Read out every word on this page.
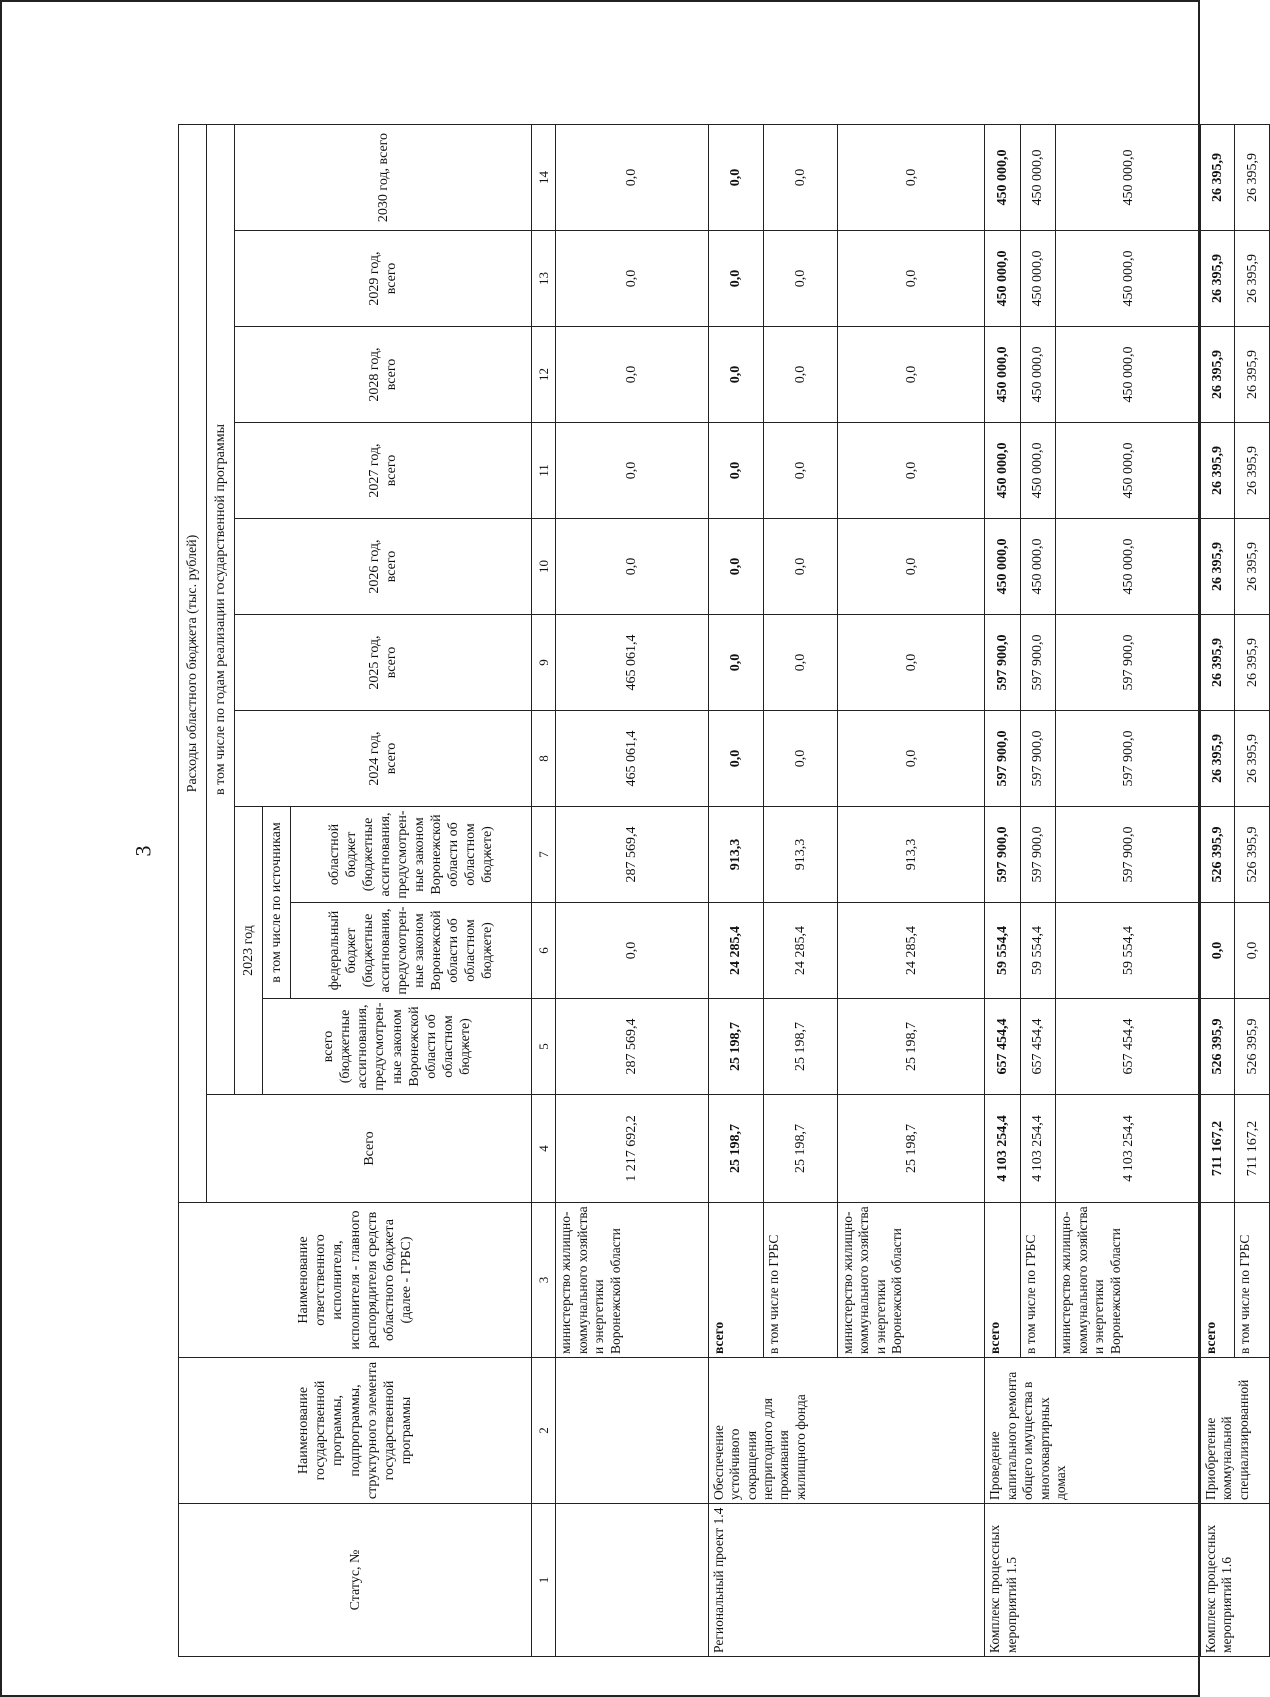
3
Статус, №	Наименование государственной программы, подпрограммы, структурного элемента государственной программы	Наименование ответственного исполнителя, исполнителя - главного распорядителя средств областного бюджета (далее - ГРБС)	Расходы областного бюджета (тыс. рублей)										
			Всего	в том числе по годам реализации государственной программы									
				2023 год			2024 год, всего	2025 год, всего	2026 год, всего	2027 год, всего	2028 год, всего	2029 год, всего	2030 год, всего
				всего (бюджетные ассигнования, предусмотрен-ные законом Воронежской области об областном бюджете)	в том числе по источникам								
					федеральный бюджет (бюджетные ассигнования, предусмотрен-ные законом Воронежской области об областном бюджете)	областной бюджет (бюджетные ассигнования, предусмотрен-ные законом Воронежской области об областном бюджете)							
1	2	3	4	5	6	7	8	9	10	11	12	13	14
		министерство жилищно-коммунального хозяйства и энергетики Воронежской области	1 217 692,2	287 569,4	0,0	287 569,4	465 061,4	465 061,4	0,0	0,0	0,0	0,0	0,0
Региональный проект 1.4	Обеспечение устойчивого сокращения непригодного для проживания жилищного фонда	всего	25 198,7	25 198,7	24 285,4	913,3	0,0	0,0	0,0	0,0	0,0	0,0	0,0
		в том числе по ГРБС	25 198,7	25 198,7	24 285,4	913,3	0,0	0,0	0,0	0,0	0,0	0,0	0,0
		министерство жилищно-коммунального хозяйства и энергетики Воронежской области	25 198,7	25 198,7	24 285,4	913,3	0,0	0,0	0,0	0,0	0,0	0,0	0,0
Комплекс процессных мероприятий 1.5	Проведение капитального ремонта общего имущества в многоквартирных домах	всего	4 103 254,4	657 454,4	59 554,4	597 900,0	597 900,0	597 900,0	450 000,0	450 000,0	450 000,0	450 000,0	450 000,0
		в том числе по ГРБС	4 103 254,4	657 454,4	59 554,4	597 900,0	597 900,0	597 900,0	450 000,0	450 000,0	450 000,0	450 000,0	450 000,0
		министерство жилищно-коммунального хозяйства и энергетики Воронежской области	4 103 254,4	657 454,4	59 554,4	597 900,0	597 900,0	597 900,0	450 000,0	450 000,0	450 000,0	450 000,0	450 000,0
Комплекс процессных мероприятий 1.6	Приобретение коммунальной специализированной	всего	711 167,2	526 395,9	0,0	526 395,9	26 395,9	26 395,9	26 395,9	26 395,9	26 395,9	26 395,9	26 395,9
		в том числе по ГРБС	711 167,2	526 395,9	0,0	526 395,9	26 395,9	26 395,9	26 395,9	26 395,9	26 395,9	26 395,9	26 395,9
